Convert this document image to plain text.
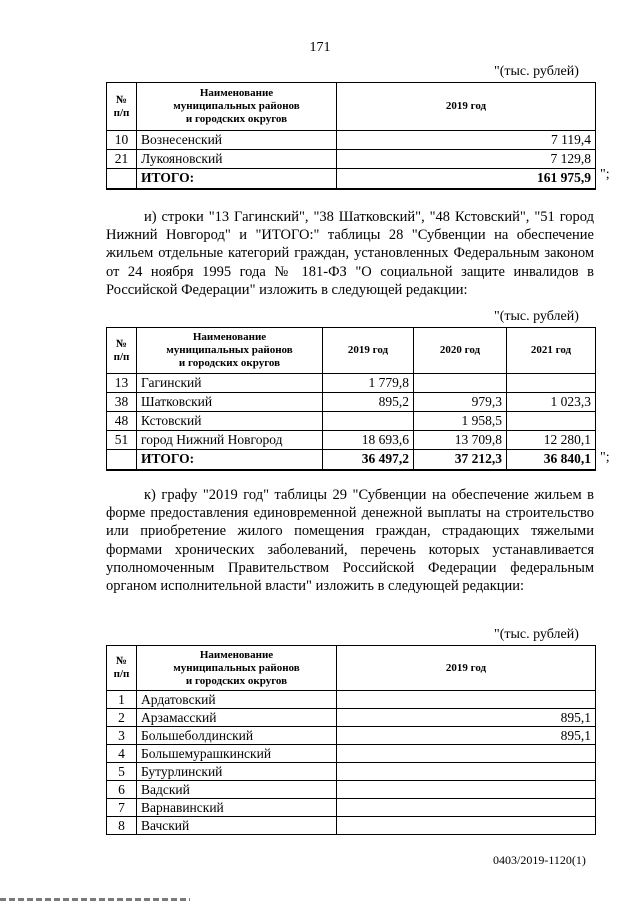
171
"(тыс. рублей)
№
п/п	Наименование
муниципальных районов
и городских округов	2019 год
10	Вознесенский	7 119,4
21	Лукояновский	7 129,8
	ИТОГО:	161 975,9 ";

и) строки "13 Гагинский", "38 Шатковский", "48 Кстовский", "51 город Нижний Новгород" и "ИТОГО:" таблицы 28 "Субвенции на обеспечение жильем отдельные категорий граждан, установленных Федеральным законом от 24 ноября 1995 года № 181-ФЗ "О социальной защите инвалидов в Российской Федерации" изложить в следующей редакции:

"(тыс. рублей)
№
п/п	Наименование
муниципальных районов
и городских округов	2019 год	2020 год	2021 год
13	Гагинский	1 779,8		
38	Шатковский	895,2	979,3	1 023,3
48	Кстовский		1 958,5	
51	город Нижний Новгород	18 693,6	13 709,8	12 280,1
	ИТОГО:	36 497,2	37 212,3	36 840,1 ";

к) графу "2019 год" таблицы 29 "Субвенции на обеспечение жильем в форме предоставления единовременной денежной выплаты на строительство или приобретение жилого помещения граждан, страдающих тяжелыми формами хронических заболеваний, перечень которых устанавливается уполномоченным Правительством Российской Федерации федеральным органом исполнительной власти" изложить в следующей редакции:

"(тыс. рублей)
№
п/п	Наименование
муниципальных районов
и городских округов	2019 год
1	Ардатовский	
2	Арзамасский	895,1
3	Большеболдинский	895,1
4	Большемурашкинский	
5	Бутурлинский	
6	Вадский	
7	Варнавинский	
8	Вачский	
0403/2019-1120(1)
